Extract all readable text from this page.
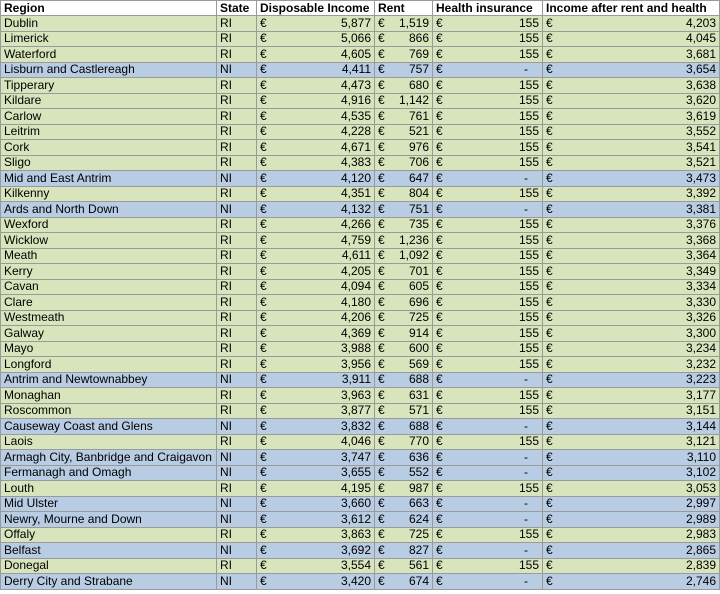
Region	State	Disposable Income		Rent	Health insurance		Income after rent and health	
Dublin	RI	€	5,877	€ 1,519	€	155	€	4,203
Limerick	RI	€	5,066	€ 866	€	155	€	4,045
Waterford	RI	€	4,605	€ 769	€	155	€	3,681
Lisburn and Castlereagh	NI	€	4,411	€ 757	€	-	€	3,654
Tipperary	RI	€	4,473	€ 680	€	155	€	3,638
Kildare	RI	€	4,916	€ 1,142	€	155	€	3,620
Carlow	RI	€	4,535	€ 761	€	155	€	3,619
Leitrim	RI	€	4,228	€ 521	€	155	€	3,552
Cork	RI	€	4,671	€ 976	€	155	€	3,541
Sligo	RI	€	4,383	€ 706	€	155	€	3,521
Mid and East Antrim	NI	€	4,120	€ 647	€	-	€	3,473
Kilkenny	RI	€	4,351	€ 804	€	155	€	3,392
Ards and North Down	NI	€	4,132	€ 751	€	-	€	3,381
Wexford	RI	€	4,266	€ 735	€	155	€	3,376
Wicklow	RI	€	4,759	€ 1,236	€	155	€	3,368
Meath	RI	€	4,611	€ 1,092	€	155	€	3,364
Kerry	RI	€	4,205	€ 701	€	155	€	3,349
Cavan	RI	€	4,094	€ 605	€	155	€	3,334
Clare	RI	€	4,180	€ 696	€	155	€	3,330
Westmeath	RI	€	4,206	€ 725	€	155	€	3,326
Galway	RI	€	4,369	€ 914	€	155	€	3,300
Mayo	RI	€	3,988	€ 600	€	155	€	3,234
Longford	RI	€	3,956	€ 569	€	155	€	3,232
Antrim and Newtownabbey	NI	€	3,911	€ 688	€	-	€	3,223
Monaghan	RI	€	3,963	€ 631	€	155	€	3,177
Roscommon	RI	€	3,877	€ 571	€	155	€	3,151
Causeway Coast and Glens	NI	€	3,832	€ 688	€	-	€	3,144
Laois	RI	€	4,046	€ 770	€	155	€	3,121
Armagh City, Banbridge and Craigavon	NI	€	3,747	€ 636	€	-	€	3,110
Fermanagh and Omagh	NI	€	3,655	€ 552	€	-	€	3,102
Louth	RI	€	4,195	€ 987	€	155	€	3,053
Mid Ulster	NI	€	3,660	€ 663	€	-	€	2,997
Newry, Mourne and Down	NI	€	3,612	€ 624	€	-	€	2,989
Offaly	RI	€	3,863	€ 725	€	155	€	2,983
Belfast	NI	€	3,692	€ 827	€	-	€	2,865
Donegal	RI	€	3,554	€ 561	€	155	€	2,839
Derry City and Strabane	NI	€	3,420	€ 674	€	-	€	2,746
